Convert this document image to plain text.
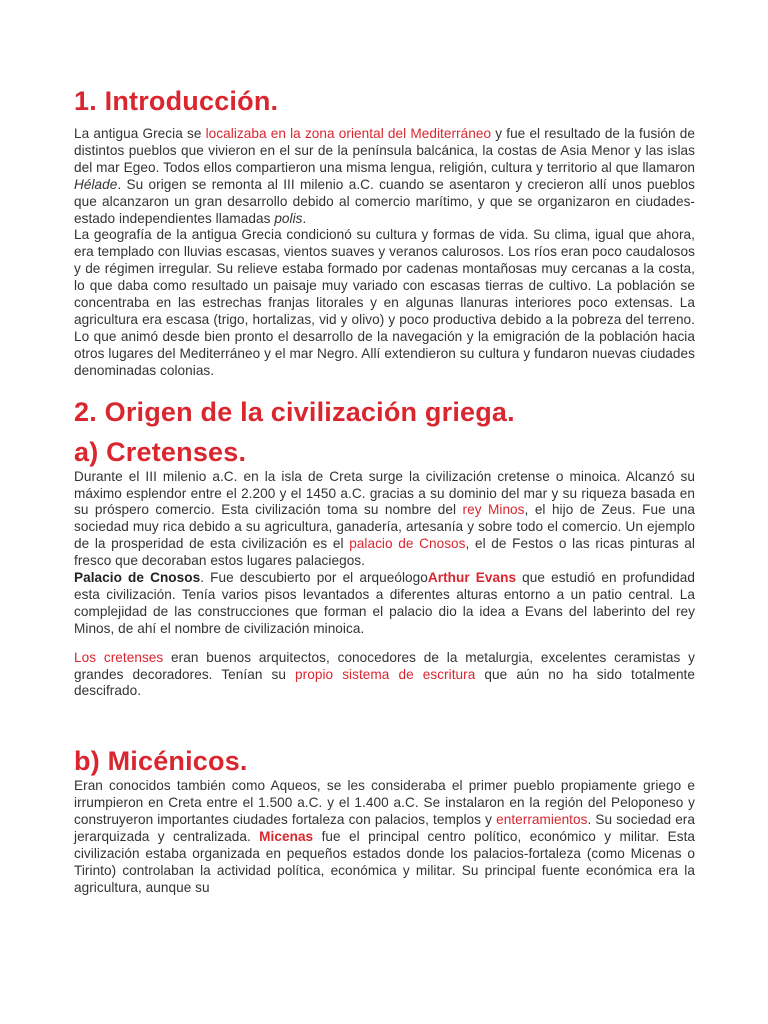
1. Introducción.

La antigua Grecia se localizaba en la zona oriental del Mediterráneo y fue el resultado de la fusión de distintos pueblos que vivieron en el sur de la península balcánica, la costas de Asia Menor y las islas del mar Egeo. Todos ellos compartieron una misma lengua, religión, cultura y territorio al que llamaron Hélade. Su origen se remonta al III milenio a.C. cuando se asentaron y crecieron allí unos pueblos que alcanzaron un gran desarrollo debido al comercio marítimo, y que se organizaron en ciudades-estado independientes llamadas polis.

La geografía de la antigua Grecia condicionó su cultura y formas de vida. Su clima, igual que ahora, era templado con lluvias escasas, vientos suaves y veranos calurosos. Los ríos eran poco caudalosos y de régimen irregular. Su relieve estaba formado por cadenas montañosas muy cercanas a la costa, lo que daba como resultado un paisaje muy variado con escasas tierras de cultivo. La población se concentraba en las estrechas franjas litorales y en algunas llanuras interiores poco extensas. La agricultura era escasa (trigo, hortalizas, vid y olivo) y poco productiva debido a la pobreza del terreno. Lo que animó desde bien pronto el desarrollo de la navegación y la emigración de la población hacia otros lugares del Mediterráneo y el mar Negro. Allí extendieron su cultura y fundaron nuevas ciudades denominadas colonias.

2. Origen de la civilización griega.
a) Cretenses.

Durante el III milenio a.C. en la isla de Creta surge la civilización cretense o minoica. Alcanzó su máximo esplendor entre el 2.200 y el 1450 a.C. gracias a su dominio del mar y su riqueza basada en su próspero comercio. Esta civilización toma su nombre del rey Minos, el hijo de Zeus. Fue una sociedad muy rica debido a su agricultura, ganadería, artesanía y sobre todo el comercio. Un ejemplo de la prosperidad de esta civilización es el palacio de Cnosos, el de Festos o las ricas pinturas al fresco que decoraban estos lugares palaciegos.

Palacio de Cnosos. Fue descubierto por el arqueólogoArthur Evans que estudió en profundidad esta civilización. Tenía varios pisos levantados a diferentes alturas entorno a un patio central. La complejidad de las construcciones que forman el palacio dio la idea a Evans del laberinto del rey Minos, de ahí el nombre de civilización minoica.

Los cretenses eran buenos arquitectos, conocedores de la metalurgia, excelentes ceramistas y grandes decoradores. Tenían su propio sistema de escritura que aún no ha sido totalmente descifrado.

b) Micénicos.

Eran conocidos también como Aqueos, se les consideraba el primer pueblo propiamente griego e irrumpieron en Creta entre el 1.500 a.C. y el 1.400 a.C. Se instalaron en la región del Peloponeso y construyeron importantes ciudades fortaleza con palacios, templos y enterramientos. Su sociedad era jerarquizada y centralizada. Micenas fue el principal centro político, económico y militar. Esta civilización estaba organizada en pequeños estados donde los palacios-fortaleza (como Micenas o Tirinto) controlaban la actividad política, económica y militar. Su principal fuente económica era la agricultura, aunque su
